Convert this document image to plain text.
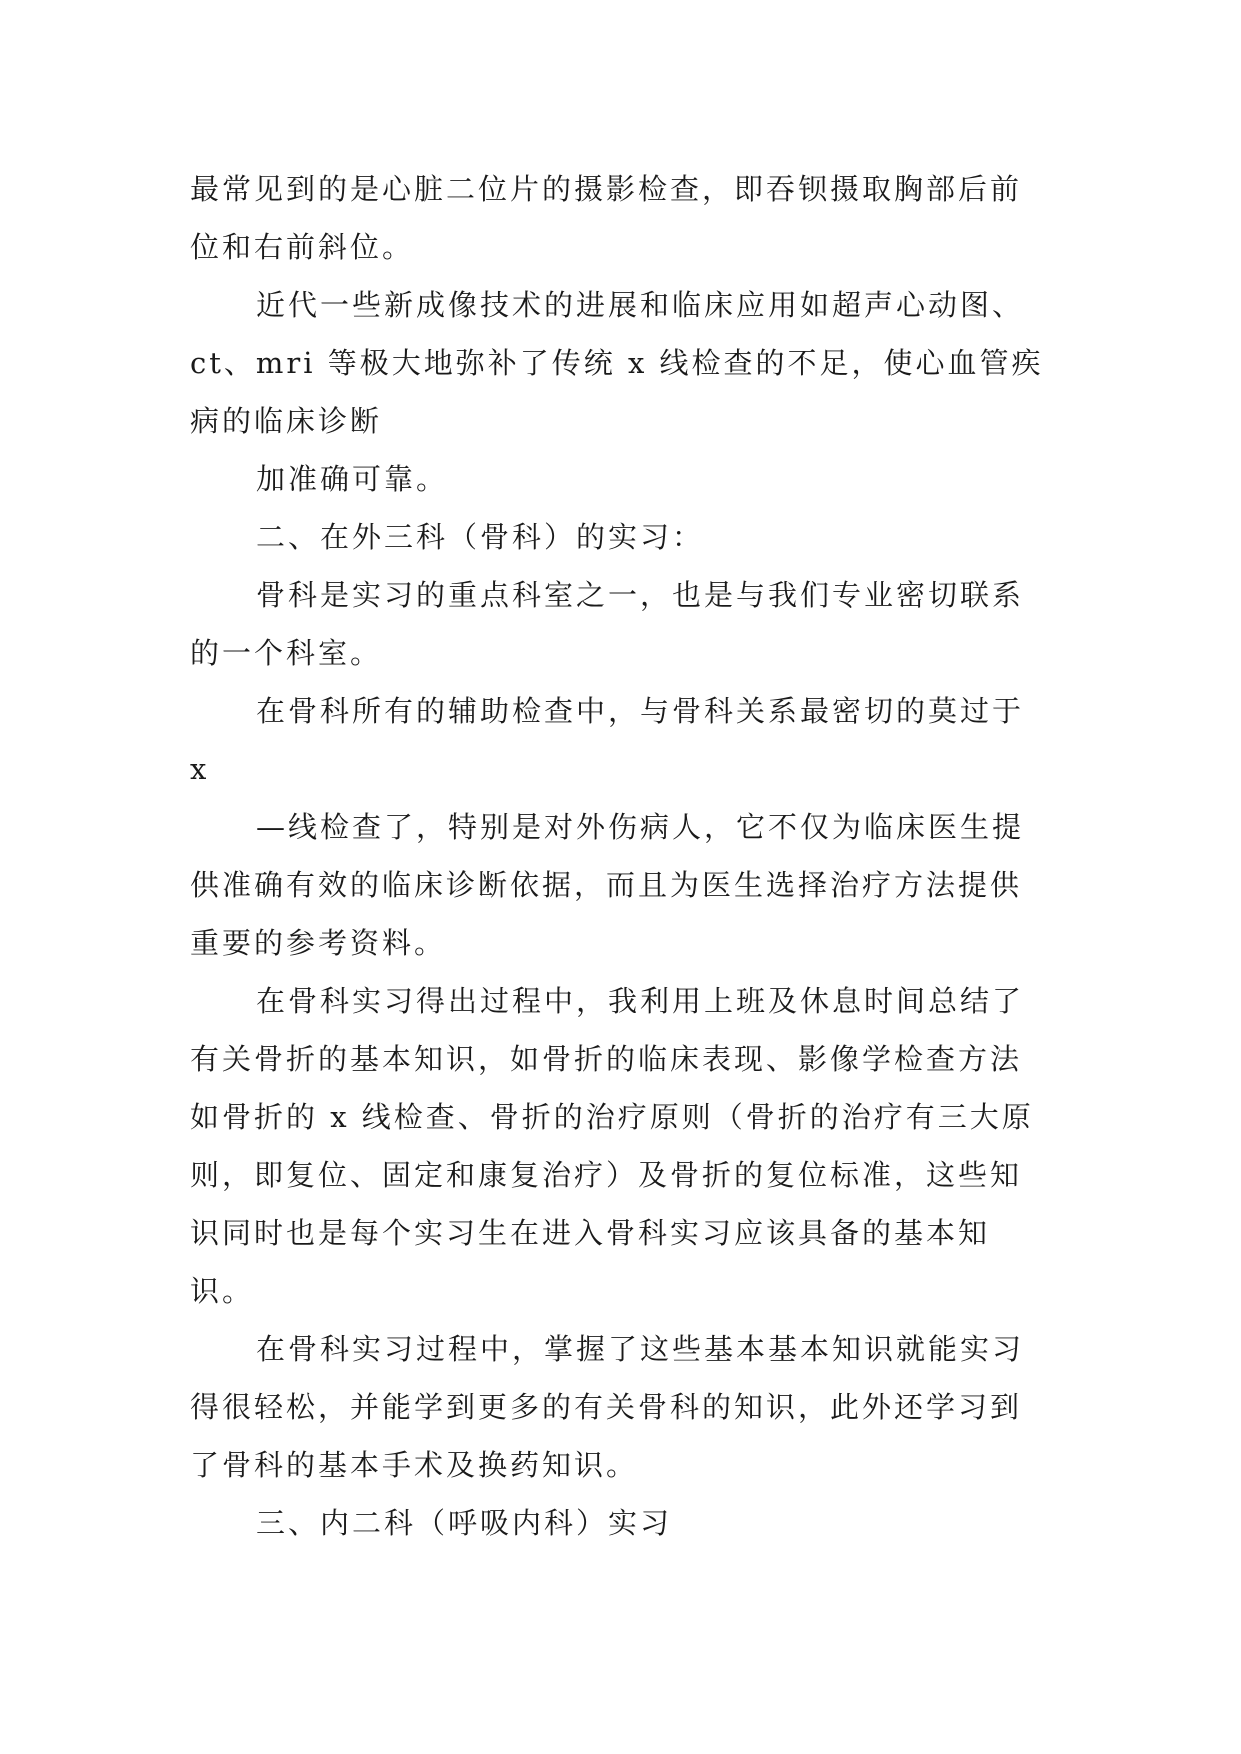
最常见到的是心脏二位片的摄影检查，即吞钡摄取胸部后前
位和右前斜位。
近代一些新成像技术的进展和临床应用如超声心动图、
ct、mri 等极大地弥补了传统 x 线检查的不足，使心血管疾
病的临床诊断
加准确可靠。
二、在外三科（骨科）的实习：
骨科是实习的重点科室之一，也是与我们专业密切联系
的一个科室。
在骨科所有的辅助检查中，与骨科关系最密切的莫过于
x
—线检查了，特别是对外伤病人，它不仅为临床医生提
供准确有效的临床诊断依据，而且为医生选择治疗方法提供
重要的参考资料。
在骨科实习得出过程中，我利用上班及休息时间总结了
有关骨折的基本知识，如骨折的临床表现、影像学检查方法
如骨折的 x 线检查、骨折的治疗原则（骨折的治疗有三大原
则，即复位、固定和康复治疗）及骨折的复位标准，这些知
识同时也是每个实习生在进入骨科实习应该具备的基本知
识。
在骨科实习过程中，掌握了这些基本基本知识就能实习
得很轻松，并能学到更多的有关骨科的知识，此外还学习到
了骨科的基本手术及换药知识。
三、内二科（呼吸内科）实习
